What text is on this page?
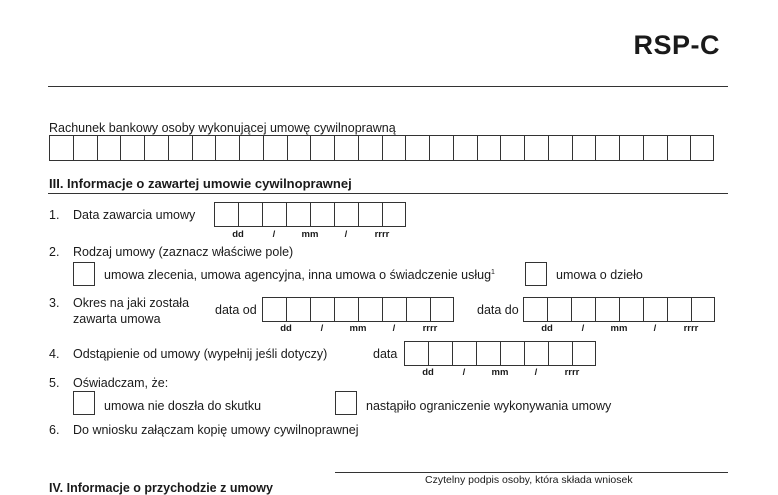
RSP-C
Rachunek bankowy osoby wykonującej umowę cywilnoprawną
III. Informacje o zawartej umowie cywilnoprawnej
1. Data zawarcia umowy
dd	/	mm	/	rrrr
2. Rodzaj umowy (zaznacz właściwe pole)
umowa zlecenia, umowa agencyjna, inna umowa o świadczenie usług$^1$	umowa o dzieło
3. Okres na jaki została
zawarta umowa
data od
dd	/	mm	/	rrrr
data do
dd	/	mm	/	rrrr
4. Odstąpienie od umowy (wypełnij jeśli dotyczy)	data
dd	/	mm	/	rrrr
5. Oświadczam, że:
umowa nie doszła do skutku	nastąpiło ograniczenie wykonywania umowy
6. Do wniosku załączam kopię umowy cywilnoprawnej
Czytelny podpis osoby, która składa wniosek
IV. Informacje o przychodzie z umowy
